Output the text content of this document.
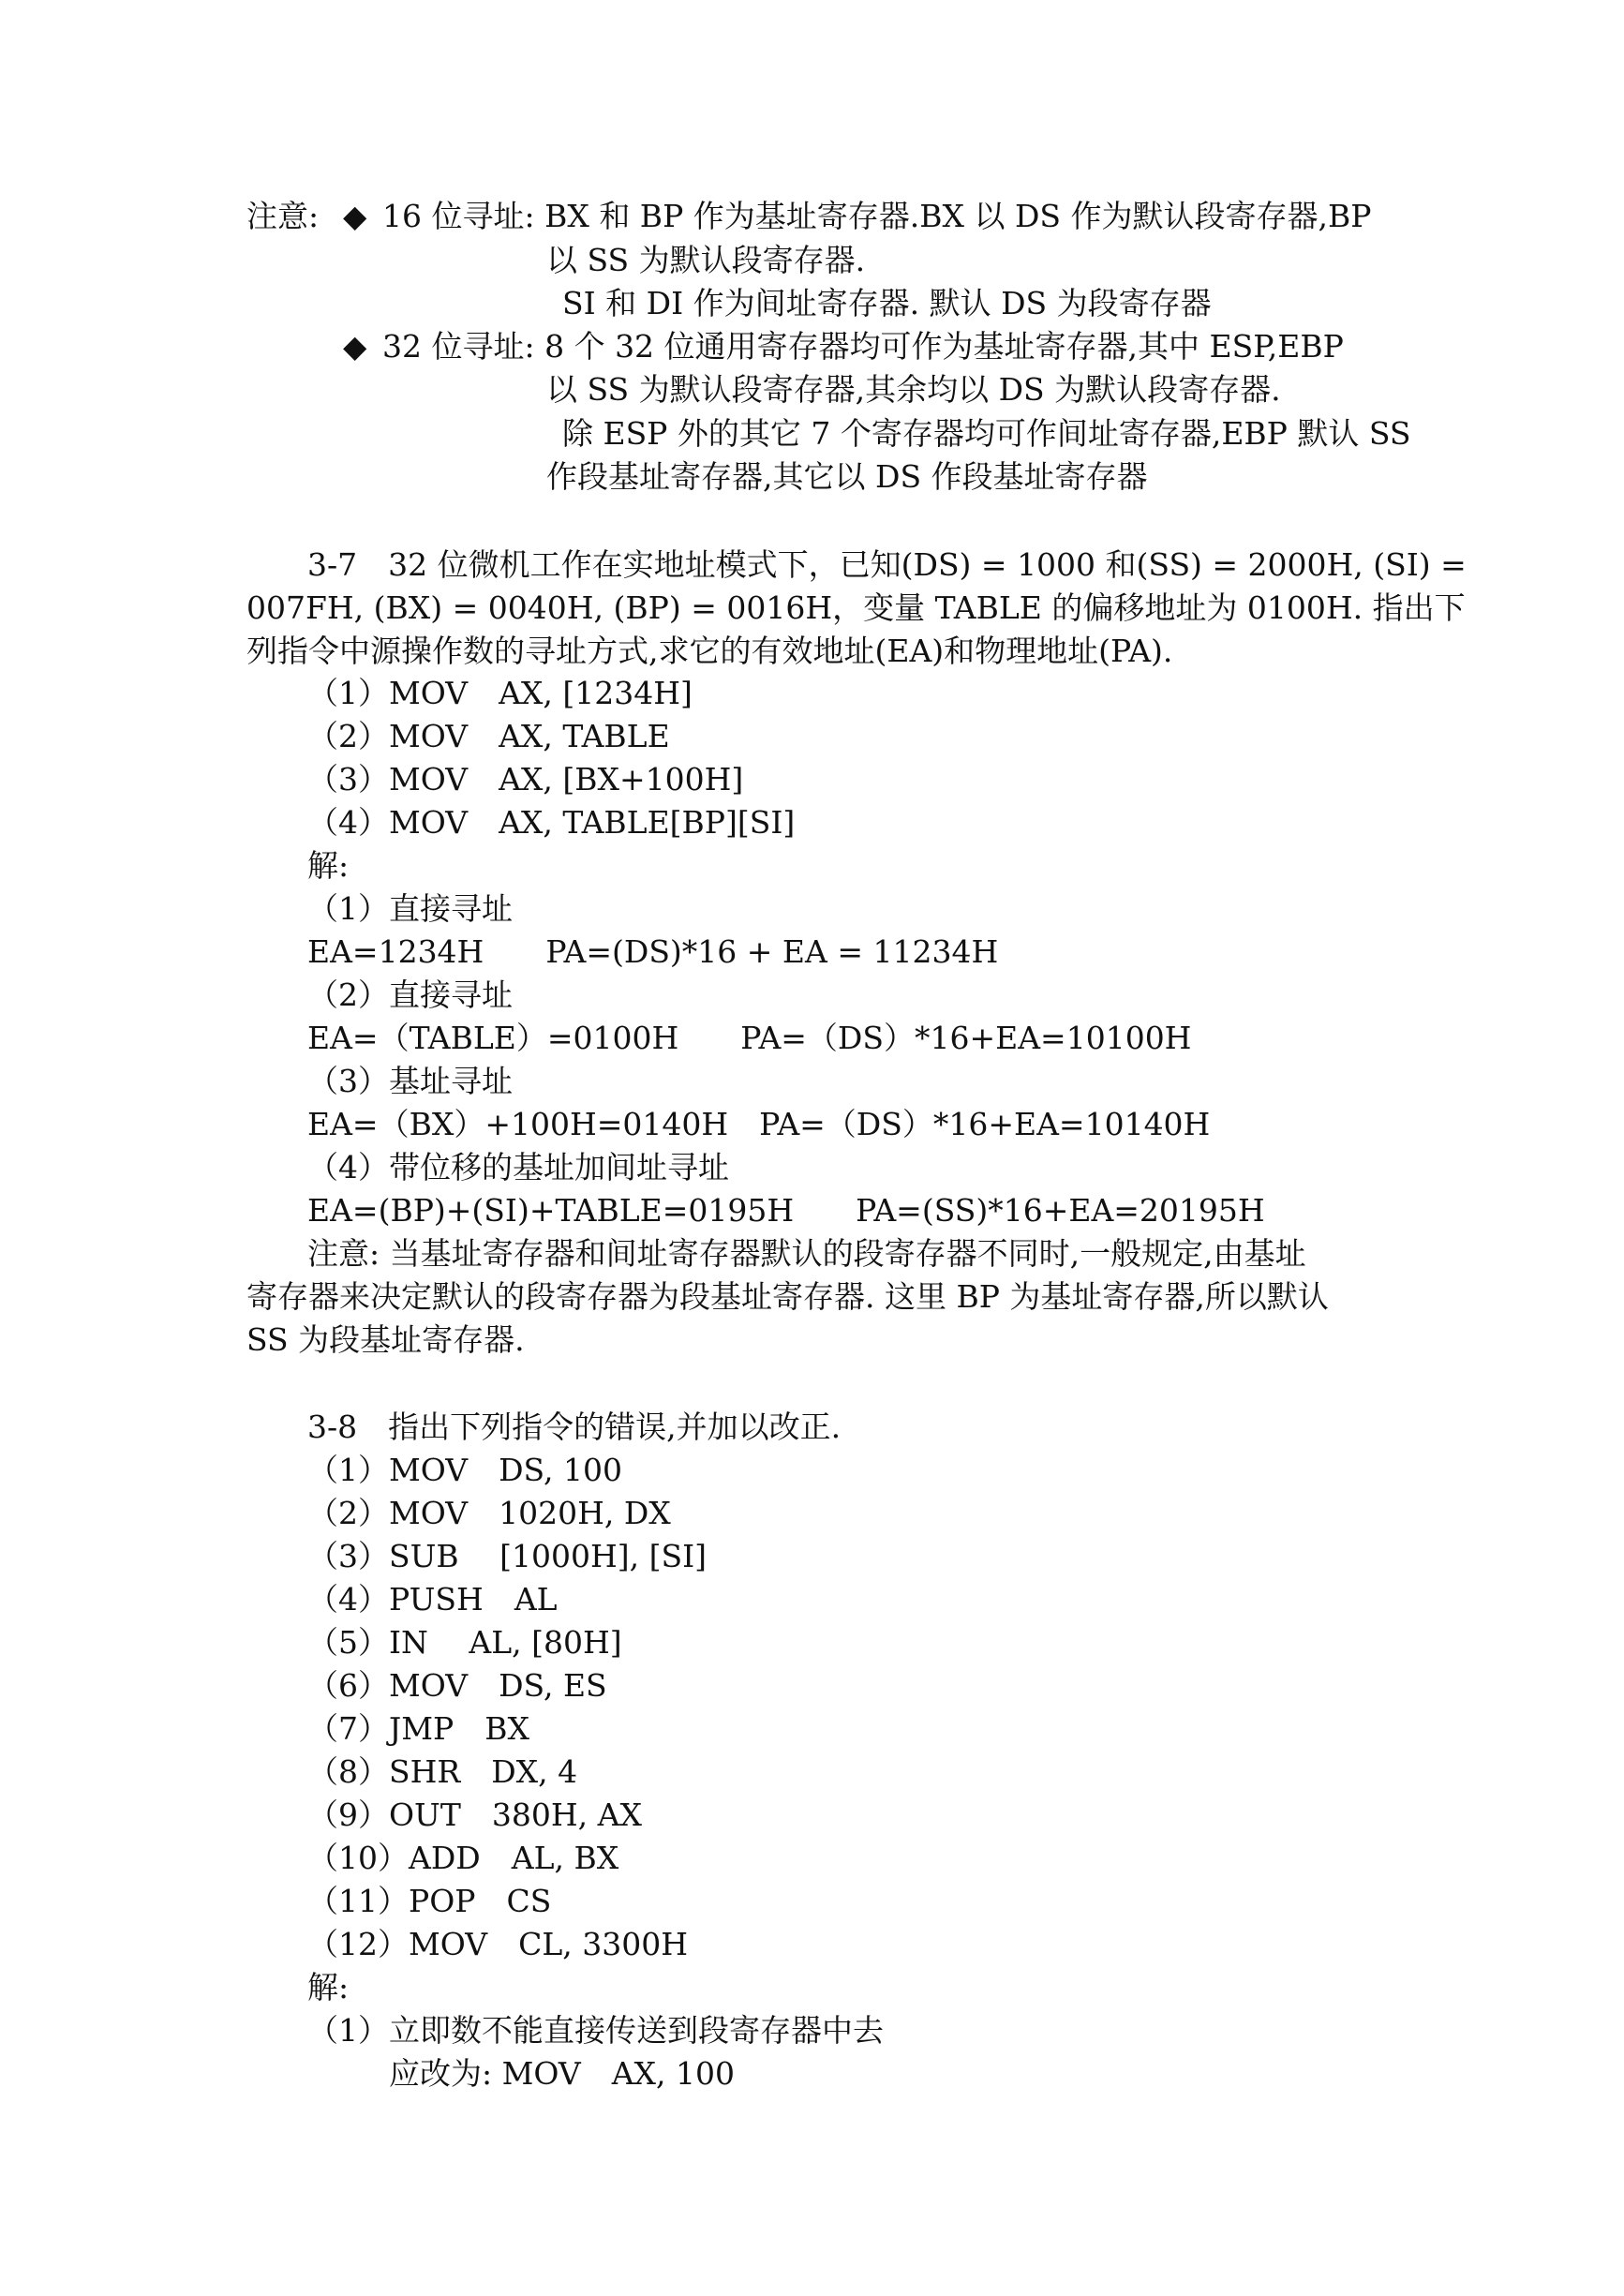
注意: ◆ 16 位寻址: BX 和 BP 作为基址寄存器.BX 以 DS 作为默认段寄存器,BP
以 SS 为默认段寄存器.
SI 和 DI 作为间址寄存器. 默认 DS 为段寄存器
◆ 32 位寻址: 8 个 32 位通用寄存器均可作为基址寄存器,其中 ESP,EBP
以 SS 为默认段寄存器,其余均以 DS 为默认段寄存器.
除 ESP 外的其它 7 个寄存器均可作间址寄存器,EBP 默认 SS
作段基址寄存器,其它以 DS 作段基址寄存器
3-7　32 位微机工作在实地址模式下，已知(DS) = 1000 和(SS) = 2000H, (SI) =
007FH, (BX) = 0040H, (BP) = 0016H，变量 TABLE 的偏移地址为 0100H. 指出下
列指令中源操作数的寻址方式,求它的有效地址(EA)和物理地址(PA).
（1）MOV　AX, [1234H]
（2）MOV　AX, TABLE
（3）MOV　AX, [BX+100H]
（4）MOV　AX, TABLE[BP][SI]
解:
（1）直接寻址
EA=1234H　　PA=(DS)*16 + EA = 11234H
（2）直接寻址
EA=（TABLE）=0100H　　PA=（DS）*16+EA=10100H
（3）基址寻址
EA=（BX）+100H=0140H　PA=（DS）*16+EA=10140H
（4）带位移的基址加间址寻址
EA=(BP)+(SI)+TABLE=0195H　　PA=(SS)*16+EA=20195H
注意: 当基址寄存器和间址寄存器默认的段寄存器不同时,一般规定,由基址
寄存器来决定默认的段寄存器为段基址寄存器. 这里 BP 为基址寄存器,所以默认
SS 为段基址寄存器.
3-8　指出下列指令的错误,并加以改正.
（1）MOV　DS, 100
（2）MOV　1020H, DX
（3）SUB　 [1000H], [SI]
（4）PUSH　AL
（5）IN　 AL, [80H]
（6）MOV　DS, ES
（7）JMP　BX
（8）SHR　DX, 4
（9）OUT　380H, AX
（10）ADD　AL, BX
（11）POP　CS
（12）MOV　CL, 3300H
解:
（1）立即数不能直接传送到段寄存器中去
应改为: MOV　AX, 100
